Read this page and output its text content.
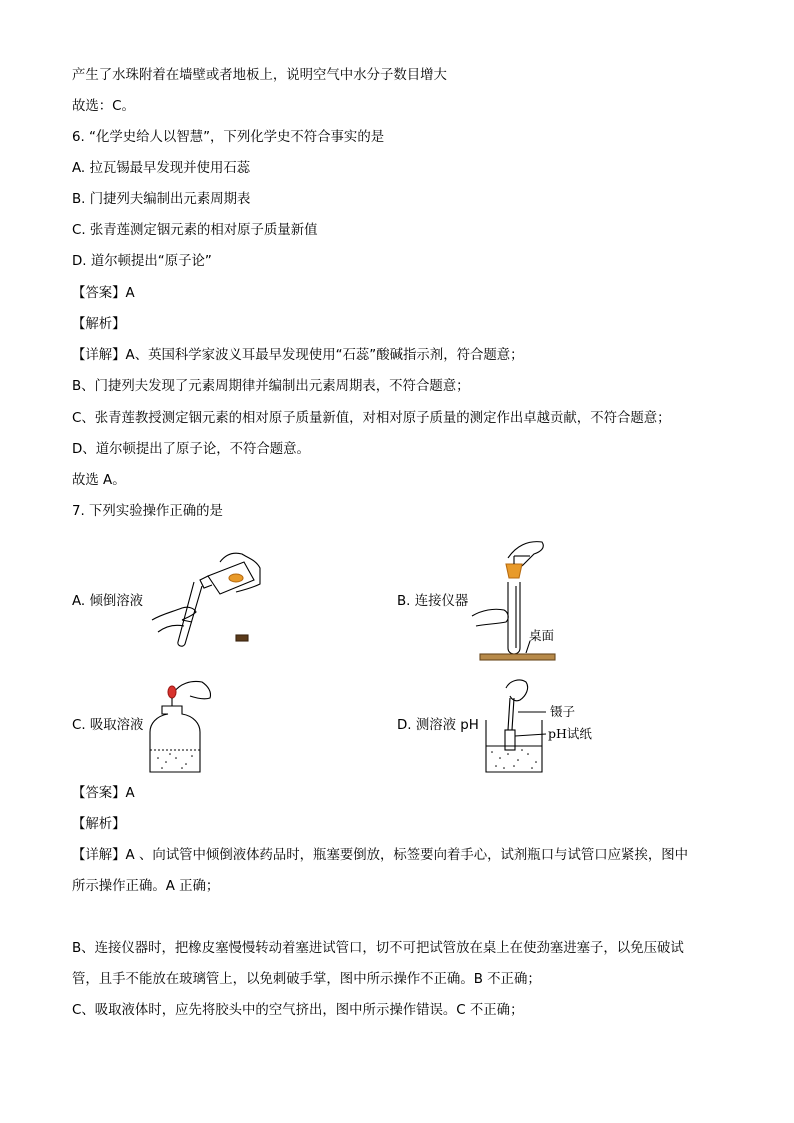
产生了水珠附着在墙壁或者地板上，说明空气中水分子数目增大
故选：C。
6. “化学史给人以智慧”，下列化学史不符合事实的是
A. 拉瓦锡最早发现并使用石蕊
B. 门捷列夫编制出元素周期表
C. 张青莲测定铟元素的相对原子质量新值
D. 道尔顿提出“原子论”
【答案】A
【解析】
【详解】A、英国科学家波义耳最早发现使用“石蕊”酸碱指示剂，符合题意；
B、门捷列夫发现了元素周期律并编制出元素周期表，不符合题意；
C、张青莲教授测定铟元素的相对原子质量新值，对相对原子质量的测定作出卓越贡献，不符合题意；
D、道尔顿提出了原子论，不符合题意。
故选 A。
7. 下列实验操作正确的是
A. 倾倒溶液	B. 连接仪器
C. 吸取溶液	D. 测溶液 pH
桌面
镊子
pH试纸
【答案】A
【解析】
【详解】A 、向试管中倾倒液体药品时，瓶塞要倒放，标签要向着手心，试剂瓶口与试管口应紧挨，图中
所示操作正确。A 正确；
B、连接仪器时，把橡皮塞慢慢转动着塞进试管口，切不可把试管放在桌上在使劲塞进塞子，以免压破试
管，且手不能放在玻璃管上，以免刺破手掌，图中所示操作不正确。B 不正确；
C、吸取液体时，应先将胶头中的空气挤出，图中所示操作错误。C 不正确；
